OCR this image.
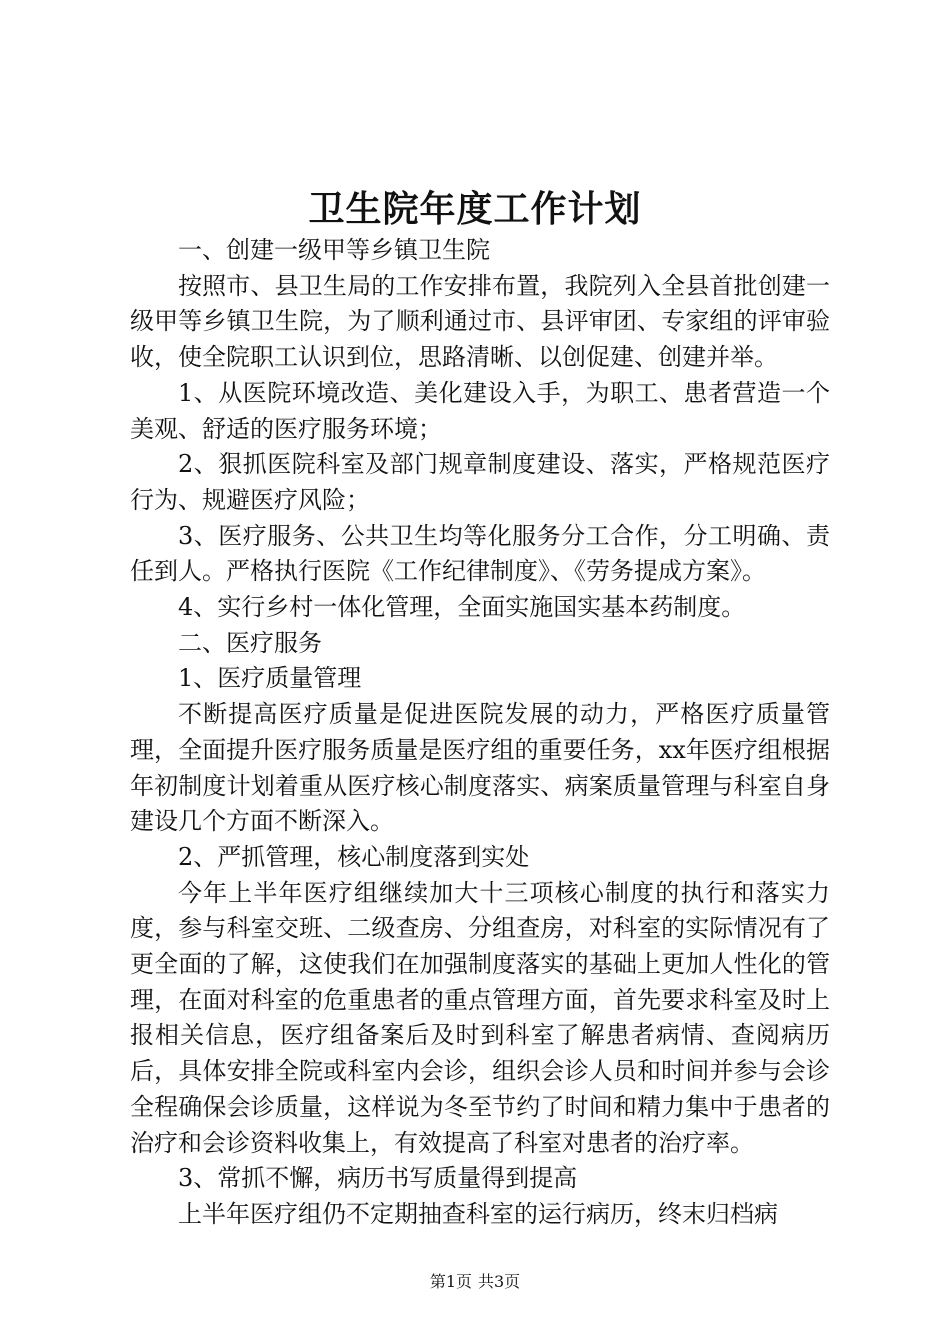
卫生院年度工作计划

一、创建一级甲等乡镇卫生院

按照市、县卫生局的工作安排布置，我院列入全县首批创建一级甲等乡镇卫生院，为了顺利通过市、县评审团、专家组的评审验收，使全院职工认识到位，思路清晰、以创促建、创建并举。

1、从医院环境改造、美化建设入手，为职工、患者营造一个美观、舒适的医疗服务环境；

2、狠抓医院科室及部门规章制度建设、落实，严格规范医疗行为、规避医疗风险；

3、医疗服务、公共卫生均等化服务分工合作，分工明确、责任到人。严格执行医院《工作纪律制度》、《劳务提成方案》。

4、实行乡村一体化管理，全面实施国实基本药制度。

二、医疗服务

1、医疗质量管理

不断提高医疗质量是促进医院发展的动力，严格医疗质量管理，全面提升医疗服务质量是医疗组的重要任务，xx年医疗组根据年初制度计划着重从医疗核心制度落实、病案质量管理与科室自身建设几个方面不断深入。

2、严抓管理，核心制度落到实处

今年上半年医疗组继续加大十三项核心制度的执行和落实力度，参与科室交班、二级查房、分组查房，对科室的实际情况有了更全面的了解，这使我们在加强制度落实的基础上更加人性化的管理，在面对科室的危重患者的重点管理方面，首先要求科室及时上报相关信息，医疗组备案后及时到科室了解患者病情、查阅病历后，具体安排全院或科室内会诊，组织会诊人员和时间并参与会诊全程确保会诊质量，这样说为冬至节约了时间和精力集中于患者的治疗和会诊资料收集上，有效提高了科室对患者的治疗率。

3、常抓不懈，病历书写质量得到提高

上半年医疗组仍不定期抽查科室的运行病历，终末归档病

第1页 共3页
